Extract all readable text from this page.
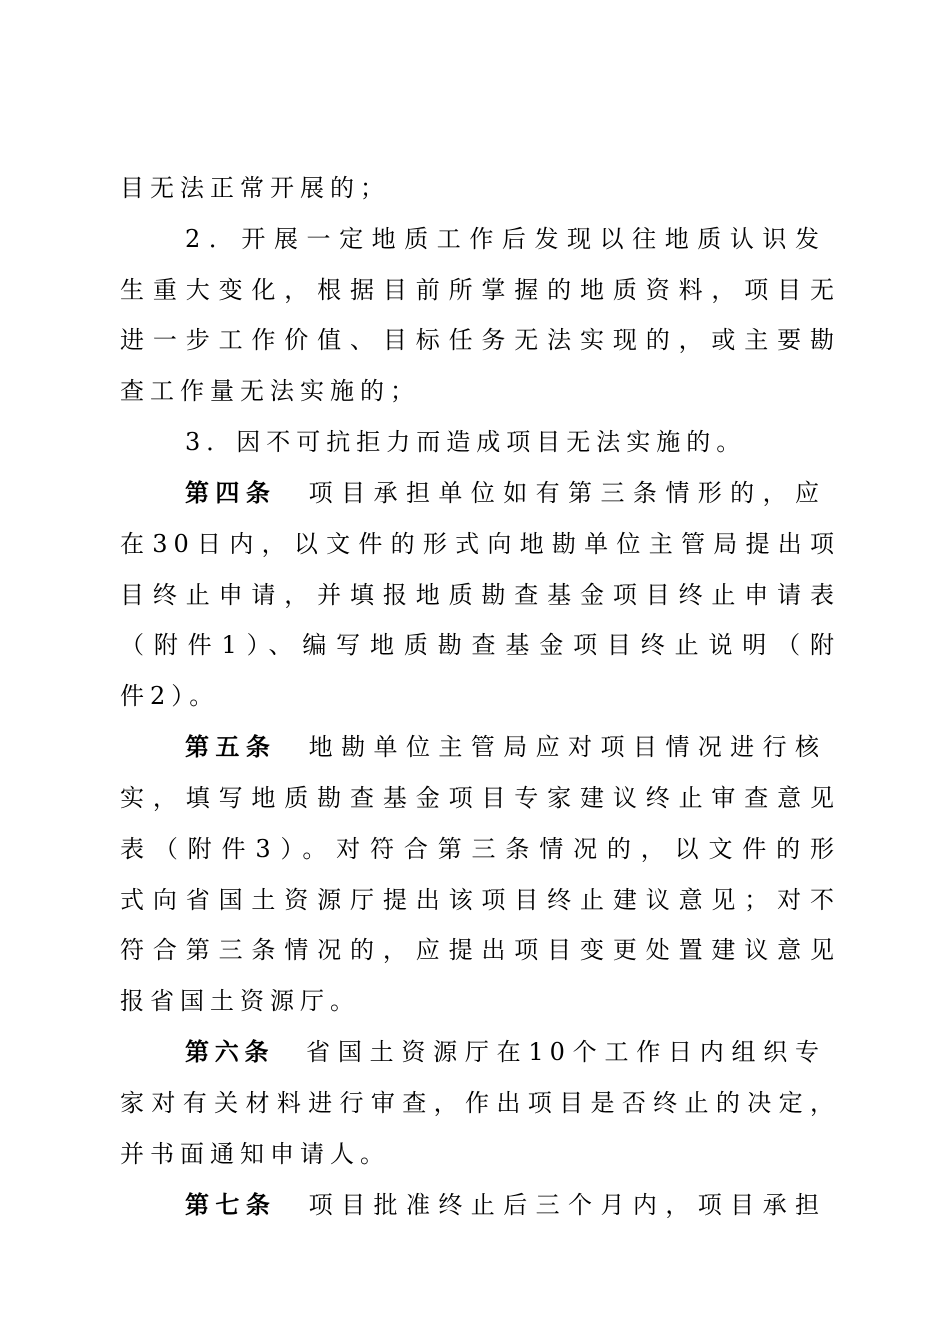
目无法正常开展的；
2．开展一定地质工作后发现以往地质认识发
生重大变化，根据目前所掌握的地质资料，项目无
进一步工作价值、目标任务无法实现的，或主要勘
查工作量无法实施的；
3．因不可抗拒力而造成项目无法实施的。
第四条 项目承担单位如有第三条情形的，应
在30日内，以文件的形式向地勘单位主管局提出项
目终止申请，并填报地质勘查基金项目终止申请表
（附件1）、编写地质勘查基金项目终止说明（附
件2）。
第五条 地勘单位主管局应对项目情况进行核
实，填写地质勘查基金项目专家建议终止审查意见
表（附件3）。对符合第三条情况的，以文件的形
式向省国土资源厅提出该项目终止建议意见；对不
符合第三条情况的，应提出项目变更处置建议意见
报省国土资源厅。
第六条 省国土资源厅在10个工作日内组织专
家对有关材料进行审查，作出项目是否终止的决定，
并书面通知申请人。
第七条 项目批准终止后三个月内，项目承担
